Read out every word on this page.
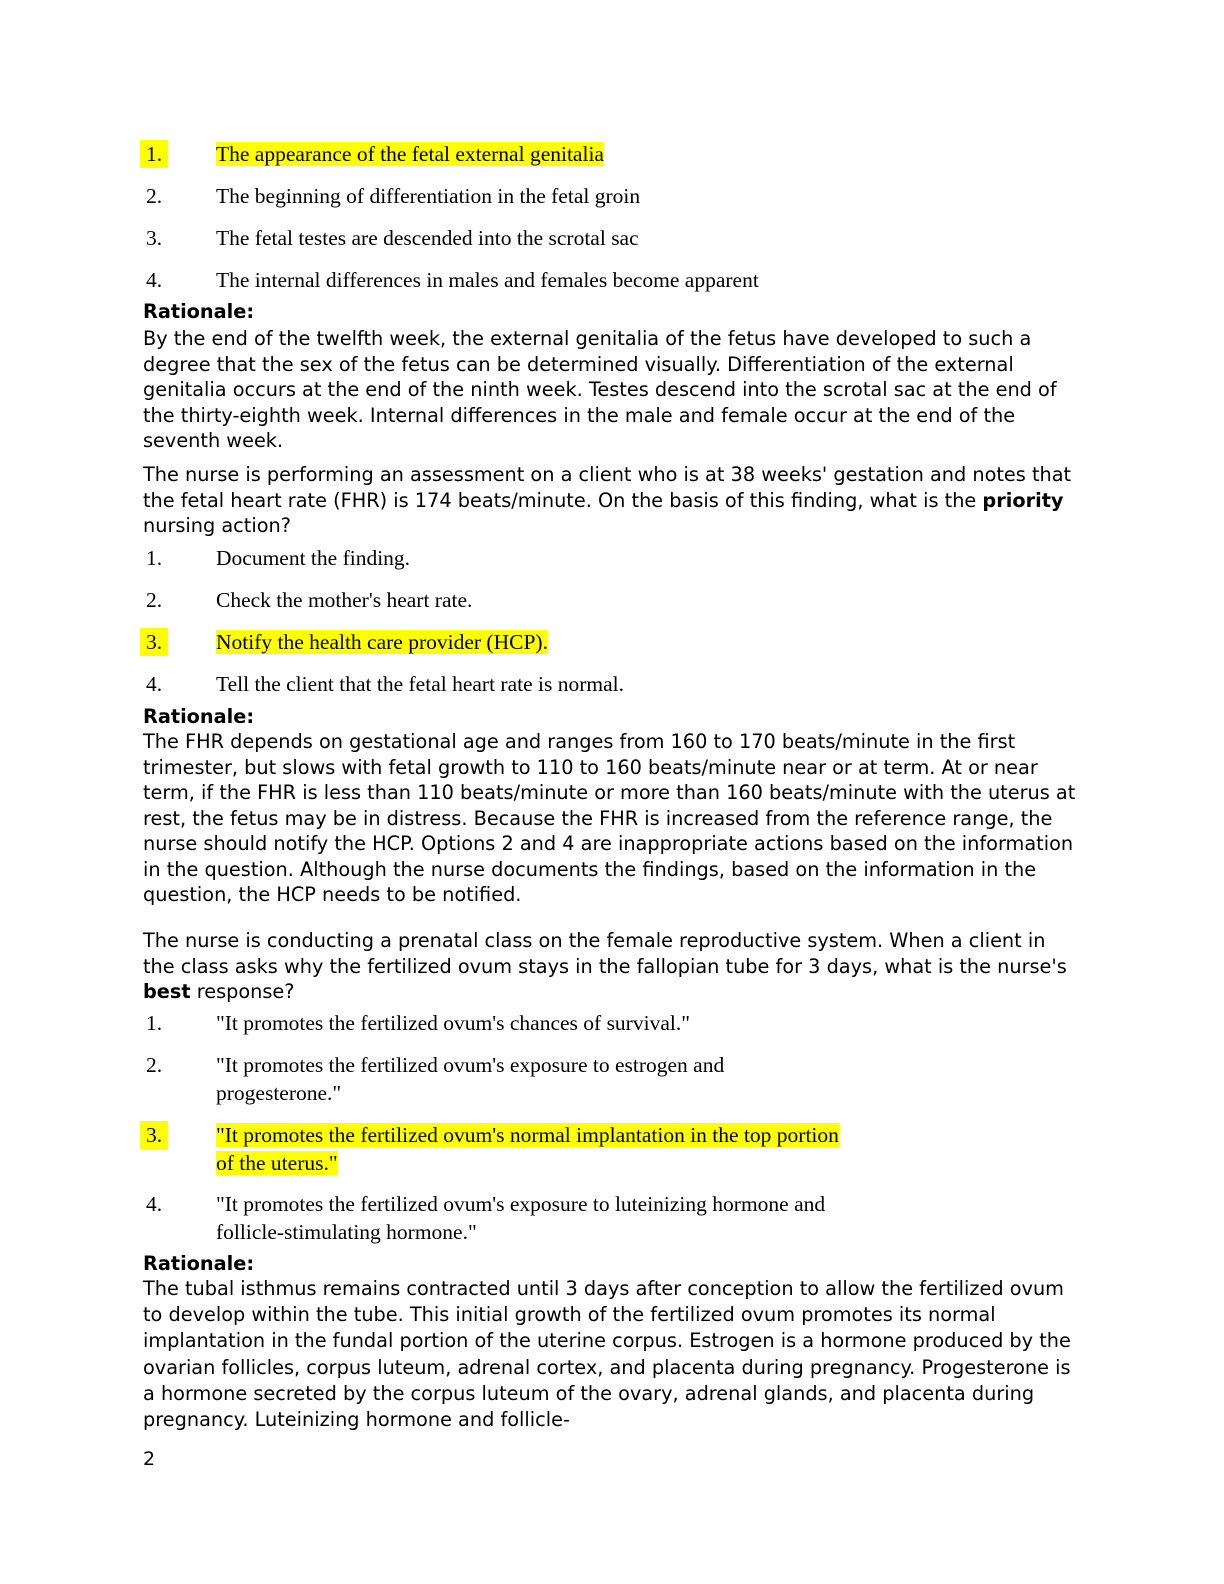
1.	The appearance of the fetal external genitalia
2.	The beginning of differentiation in the fetal groin
3.	The fetal testes are descended into the scrotal sac
4.	The internal differences in males and females become apparent
Rationale:
By the end of the twelfth week, the external genitalia of the fetus have developed to such a degree that the sex of the fetus can be determined visually. Differentiation of the external genitalia occurs at the end of the ninth week. Testes descend into the scrotal sac at the end of the thirty-eighth week. Internal differences in the male and female occur at the end of the seventh week.
The nurse is performing an assessment on a client who is at 38 weeks' gestation and notes that the fetal heart rate (FHR) is 174 beats/minute. On the basis of this finding, what is the priority nursing action?
1.	Document the finding.
2.	Check the mother's heart rate.
3.	Notify the health care provider (HCP).
4.	Tell the client that the fetal heart rate is normal.
Rationale:
The FHR depends on gestational age and ranges from 160 to 170 beats/minute in the first trimester, but slows with fetal growth to 110 to 160 beats/minute near or at term. At or near term, if the FHR is less than 110 beats/minute or more than 160 beats/minute with the uterus at rest, the fetus may be in distress. Because the FHR is increased from the reference range, the nurse should notify the HCP. Options 2 and 4 are inappropriate actions based on the information in the question. Although the nurse documents the findings, based on the information in the question, the HCP needs to be notified.
The nurse is conducting a prenatal class on the female reproductive system. When a client in the class asks why the fertilized ovum stays in the fallopian tube for 3 days, what is the nurse's best response?
1.	"It promotes the fertilized ovum's chances of survival."
2.	"It promotes the fertilized ovum's exposure to estrogen and
progesterone."
3.	"It promotes the fertilized ovum's normal implantation in the top portion
of the uterus."
4.	"It promotes the fertilized ovum's exposure to luteinizing hormone and
follicle-stimulating hormone."
Rationale:
The tubal isthmus remains contracted until 3 days after conception to allow the fertilized ovum to develop within the tube. This initial growth of the fertilized ovum promotes its normal implantation in the fundal portion of the uterine corpus. Estrogen is a hormone produced by the ovarian follicles, corpus luteum, adrenal cortex, and placenta during pregnancy. Progesterone is a hormone secreted by the corpus luteum of the ovary, adrenal glands, and placenta during pregnancy. Luteinizing hormone and follicle-
2
